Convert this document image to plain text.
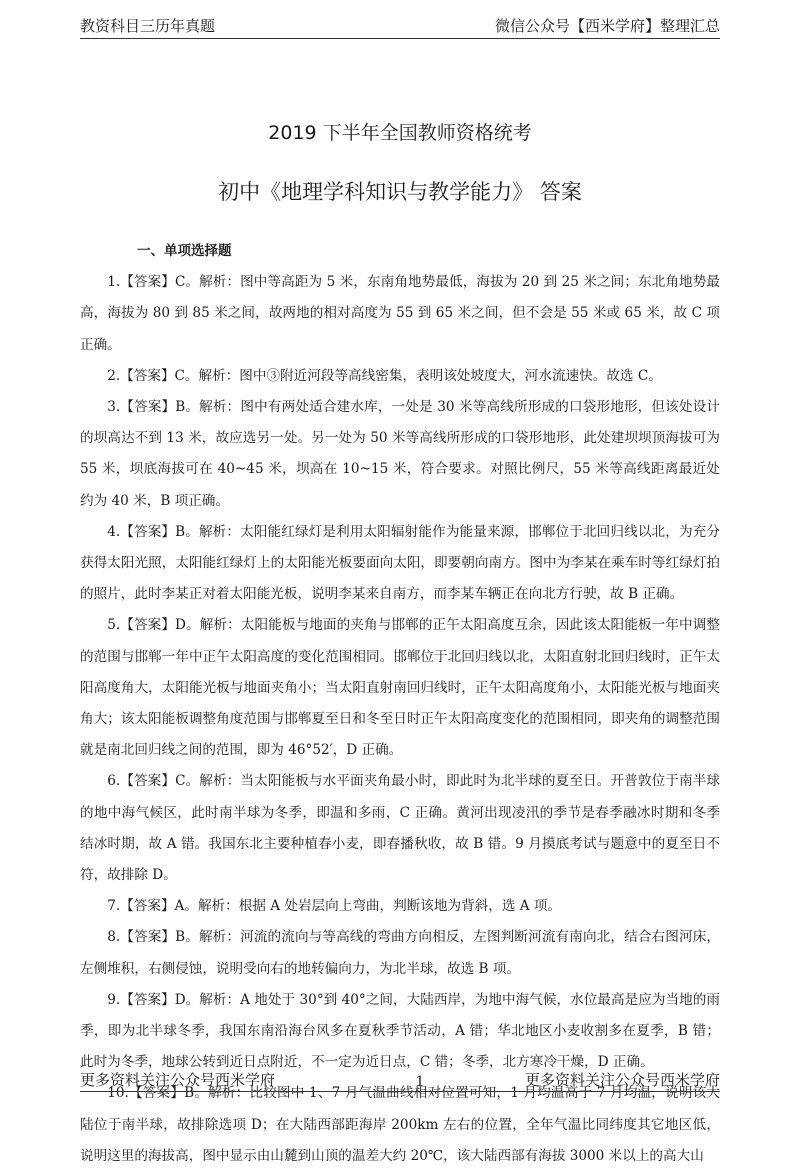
教资科目三历年真题	微信公众号【西米学府】整理汇总
2019 下半年全国教师资格统考
初中《地理学科知识与教学能力》 答案

一、单项选择题

1.【答案】C。解析：图中等高距为 5 米，东南角地势最低，海拔为 20 到 25 米之间；东北角地势最高，海拔为 80 到 85 米之间，故两地的相对高度为 55 到 65 米之间，但不会是 55 米或 65 米，故 C 项正确。

2.【答案】C。解析：图中③附近河段等高线密集，表明该处坡度大，河水流速快。故选 C。

3.【答案】B。解析：图中有两处适合建水库，一处是 30 米等高线所形成的口袋形地形，但该处设计的坝高达不到 13 米，故应选另一处。另一处为 50 米等高线所形成的口袋形地形，此处建坝坝顶海拔可为 55 米，坝底海拔可在 40~45 米，坝高在 10~15 米，符合要求。对照比例尺，55 米等高线距离最近处约为 40 米，B 项正确。

4.【答案】B。解析：太阳能红绿灯是利用太阳辐射能作为能量来源，邯郸位于北回归线以北，为充分获得太阳光照，太阳能红绿灯上的太阳能光板要面向太阳，即要朝向南方。图中为李某在乘车时等红绿灯拍的照片，此时李某正对着太阳能光板，说明李某来自南方，而李某车辆正在向北方行驶，故 B 正确。

5.【答案】D。解析：太阳能板与地面的夹角与邯郸的正午太阳高度互余，因此该太阳能板一年中调整的范围与邯郸一年中正午太阳高度的变化范围相同。邯郸位于北回归线以北，太阳直射北回归线时，正午太阳高度角大，太阳能光板与地面夹角小；当太阳直射南回归线时，正午太阳高度角小，太阳能光板与地面夹角大；该太阳能板调整角度范围与邯郸夏至日和冬至日时正午太阳高度变化的范围相同，即夹角的调整范围就是南北回归线之间的范围，即为 46°52′，D 正确。

6.【答案】C。解析：当太阳能板与水平面夹角最小时，即此时为北半球的夏至日。开普敦位于南半球的地中海气候区，此时南半球为冬季，即温和多雨，C 正确。黄河出现凌汛的季节是春季融冰时期和冬季结冰时期，故 A 错。我国东北主要种植春小麦，即春播秋收，故 B 错。9 月摸底考试与题意中的夏至日不符，故排除 D。

7.【答案】A。解析：根据 A 处岩层向上弯曲，判断该地为背斜，选 A 项。

8.【答案】B。解析：河流的流向与等高线的弯曲方向相反，左图判断河流有南向北，结合右图河床，左侧堆积，右侧侵蚀，说明受向右的地转偏向力，为北半球，故选 B 项。

9.【答案】D。解析：A 地处于 30°到 40°之间，大陆西岸，为地中海气候，水位最高是应为当地的雨季，即为北半球冬季，我国东南沿海台风多在夏秋季节活动，A 错；华北地区小麦收割多在夏季，B 错；此时为冬季，地球公转到近日点附近，不一定为近日点，C 错；冬季，北方寒冷干燥，D 正确。

10.【答案】B。解析：比较图中 1、7 月气温曲线相对位置可知，1 月均温高于 7 月均温，说明该大陆位于南半球，故排除选项 D；在大陆西部距海岸 200km 左右的位置，全年气温比同纬度其它地区低，说明这里的海拔高，图中显示由山麓到山顶的温差大约 20℃，该大陆西部有海拔 3000 米以上的高大山

更多资料关注公众号西米学府	1	更多资料关注公众号西米学府
